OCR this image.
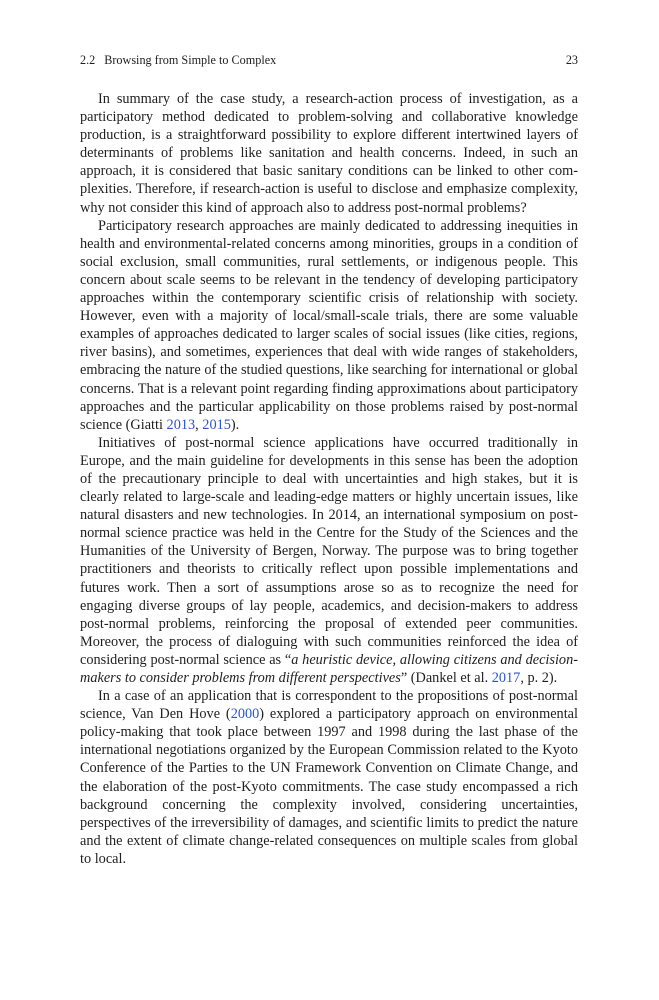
2.2 Browsing from Simple to Complex	23

In summary of the case study, a research-action process of investigation, as a participatory method dedicated to problem-solving and collaborative knowledge production, is a straightforward possibility to explore different intertwined layers of determinants of problems like sanitation and health concerns. Indeed, in such an approach, it is considered that basic sanitary conditions can be linked to other complexities. Therefore, if research-action is useful to disclose and emphasize complexity, why not consider this kind of approach also to address post-normal problems?

Participatory research approaches are mainly dedicated to addressing inequities in health and environmental-related concerns among minorities, groups in a condition of social exclusion, small communities, rural settlements, or indigenous people. This concern about scale seems to be relevant in the tendency of developing participatory approaches within the contemporary scientific crisis of relationship with society. However, even with a majority of local/small-scale trials, there are some valuable examples of approaches dedicated to larger scales of social issues (like cities, regions, river basins), and sometimes, experiences that deal with wide ranges of stakeholders, embracing the nature of the studied questions, like searching for international or global concerns. That is a relevant point regarding finding approximations about participatory approaches and the particular applicability on those problems raised by post-normal science (Giatti 2013, 2015).

Initiatives of post-normal science applications have occurred traditionally in Europe, and the main guideline for developments in this sense has been the adoption of the precautionary principle to deal with uncertainties and high stakes, but it is clearly related to large-scale and leading-edge matters or highly uncertain issues, like natural disasters and new technologies. In 2014, an international symposium on post-normal science practice was held in the Centre for the Study of the Sciences and the Humanities of the University of Bergen, Norway. The purpose was to bring together practitioners and theorists to critically reflect upon possible implementations and futures work. Then a sort of assumptions arose so as to recognize the need for engaging diverse groups of lay people, academics, and decision-makers to address post-normal problems, reinforcing the proposal of extended peer communities. Moreover, the process of dialoguing with such communities reinforced the idea of considering post-normal science as “a heuristic device, allowing citizens and decision-makers to consider problems from different perspectives” (Dankel et al. 2017, p. 2).

In a case of an application that is correspondent to the propositions of post-normal science, Van Den Hove (2000) explored a participatory approach on environmental policy-making that took place between 1997 and 1998 during the last phase of the international negotiations organized by the European Commission related to the Kyoto Conference of the Parties to the UN Framework Convention on Climate Change, and the elaboration of the post-Kyoto commitments. The case study encompassed a rich background concerning the complexity involved, considering uncertainties, perspectives of the irreversibility of damages, and scientific limits to predict the nature and the extent of climate change-related consequences on multiple scales from global to local.
